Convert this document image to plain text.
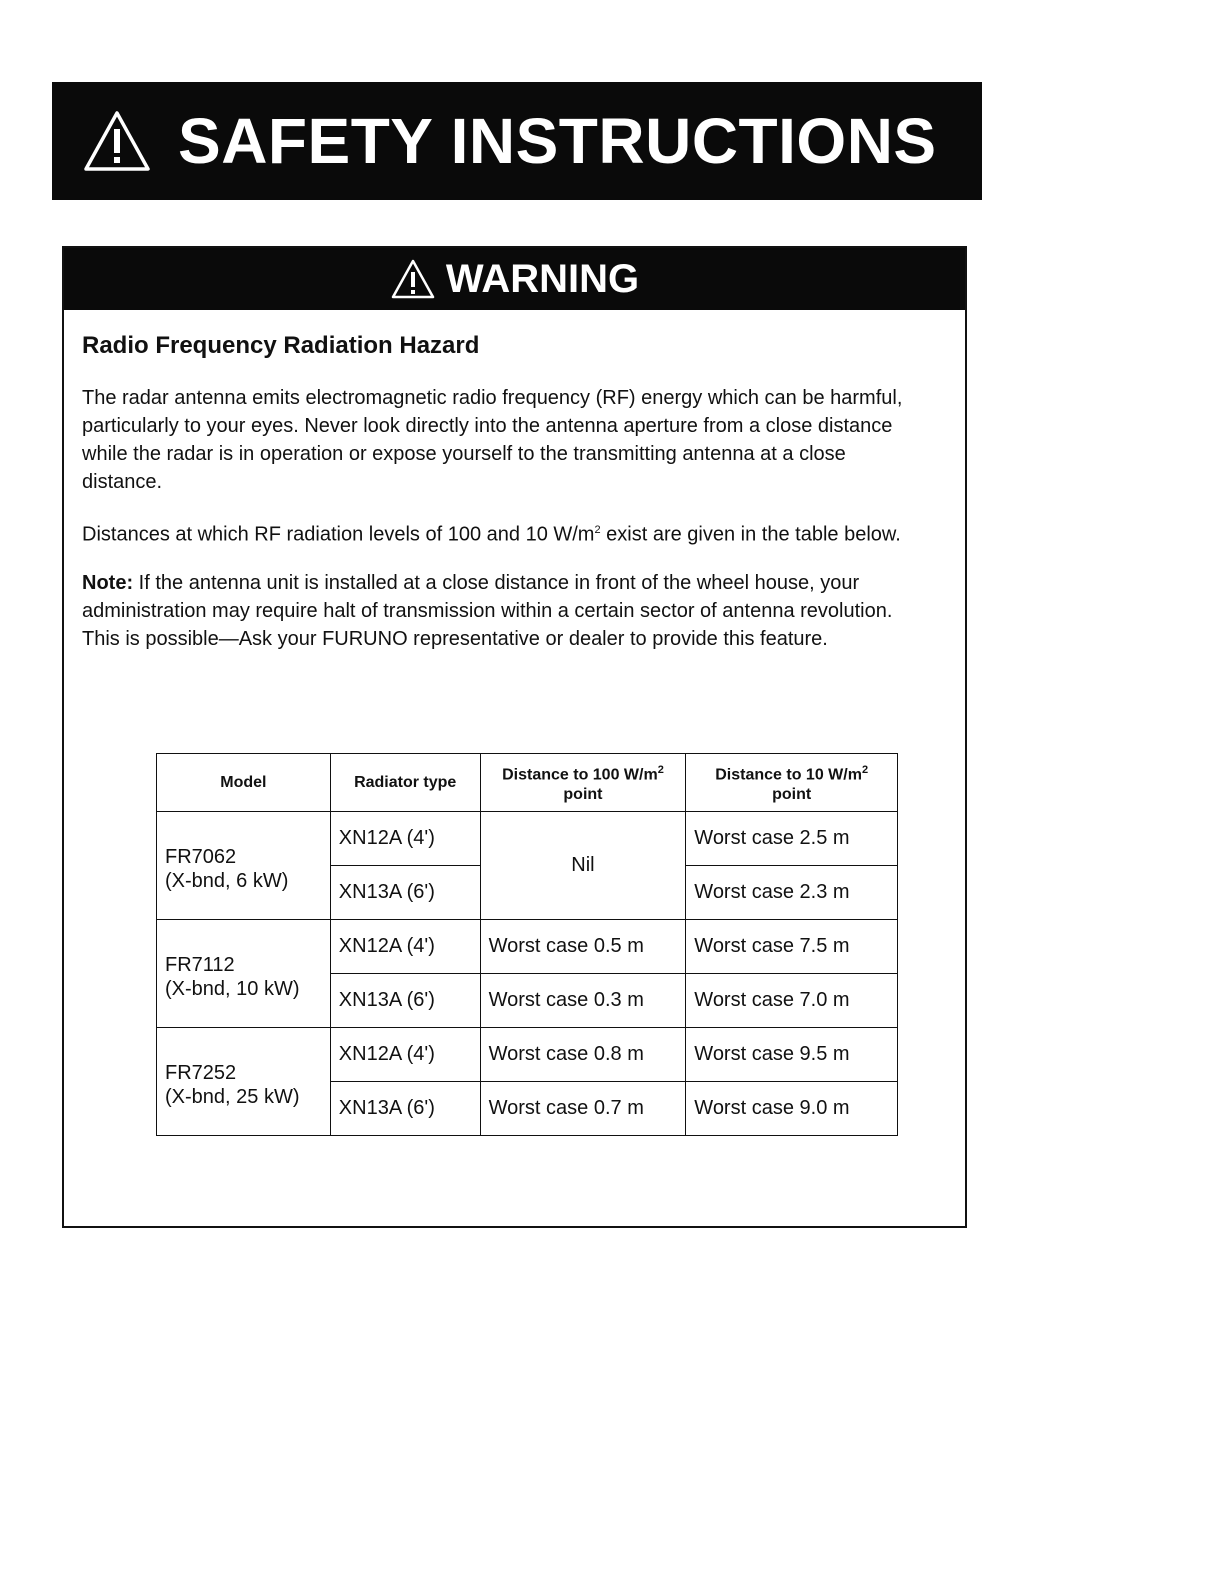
SAFETY INSTRUCTIONS
WARNING
Radio Frequency Radiation Hazard

The radar antenna emits electromagnetic radio frequency (RF) energy which can be harmful, particularly to your eyes. Never look directly into the antenna aperture from a close distance while the radar is in operation or expose yourself to the transmitting antenna at a close distance.

Distances at which RF radiation levels of 100 and 10 $W/m^2$ exist are given in the table below.

Note: If the antenna unit is installed at a close distance in front of the wheel house, your administration may require halt of transmission within a certain sector of antenna revolution. This is possible—Ask your FURUNO representative or dealer to provide this feature.

Model	Radiator type	Distance to 100 $W/m^2$
point	Distance to 10 $W/m^2$
point
FR7062
(X-bnd, 6 kW)	XN12A (4')	Nil	Worst case 2.5 m
	XN13A (6')		Worst case 2.3 m
FR7112
(X-bnd, 10 kW)	XN12A (4')	Worst case 0.5 m	Worst case 7.5 m
	XN13A (6')	Worst case 0.3 m	Worst case 7.0 m
FR7252
(X-bnd, 25 kW)	XN12A (4')	Worst case 0.8 m	Worst case 9.5 m
	XN13A (6')	Worst case 0.7 m	Worst case 9.0 m
